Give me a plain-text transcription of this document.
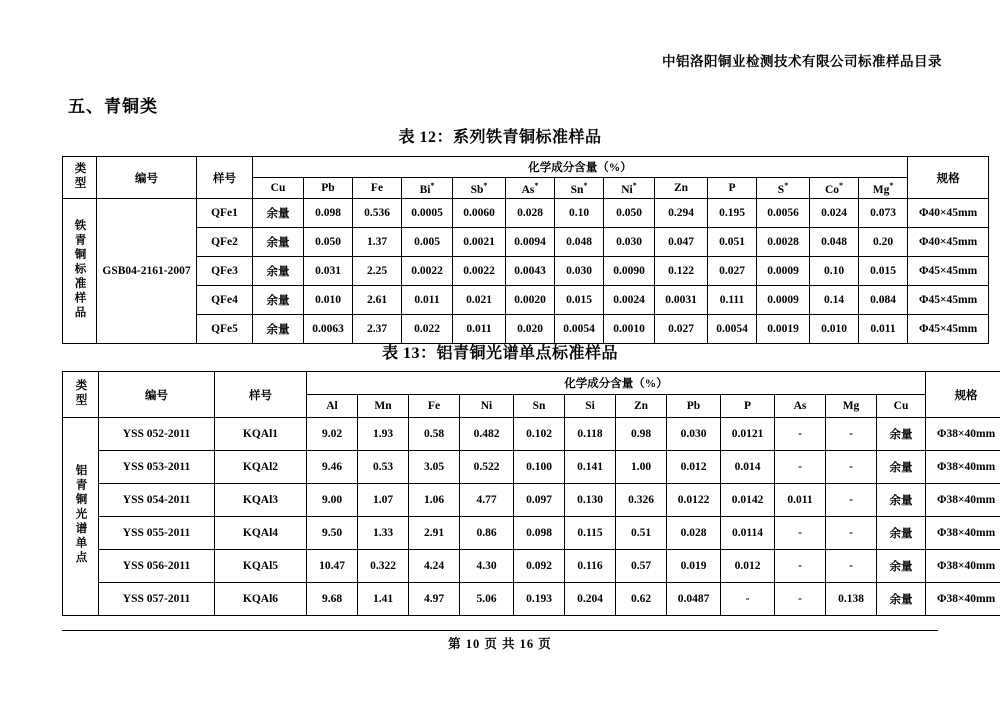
中铝洛阳铜业检测技术有限公司标准样品目录
五、青铜类
表 12：系列铁青铜标准样品
类型	编号	样号	化学成分含量（%）													规格
			Cu	Pb	Fe	Bi*	Sb*	As*	Sn*	Ni*	Zn	P	S*	Co*	Mg*
铁青铜标准样品	GSB04-2161-2007	QFe1	余量	0.098	0.536	0.0005	0.0060	0.028	0.10	0.050	0.294	0.195	0.0056	0.024	0.073	Φ40×45mm
		QFe2	余量	0.050	1.37	0.005	0.0021	0.0094	0.048	0.030	0.047	0.051	0.0028	0.048	0.20	Φ40×45mm
		QFe3	余量	0.031	2.25	0.0022	0.0022	0.0043	0.030	0.0090	0.122	0.027	0.0009	0.10	0.015	Φ45×45mm
		QFe4	余量	0.010	2.61	0.011	0.021	0.0020	0.015	0.0024	0.0031	0.111	0.0009	0.14	0.084	Φ45×45mm
		QFe5	余量	0.0063	2.37	0.022	0.011	0.020	0.0054	0.0010	0.027	0.0054	0.0019	0.010	0.011	Φ45×45mm
表 13：铝青铜光谱单点标准样品
类型	编号	样号	化学成分含量（%）												规格
			Al	Mn	Fe	Ni	Sn	Si	Zn	Pb	P	As	Mg	Cu	
铝青铜光谱单点	YSS 052-2011	KQAl1	9.02	1.93	0.58	0.482	0.102	0.118	0.98	0.030	0.0121	-	-	余量	Φ38×40mm
	YSS 053-2011	KQAl2	9.46	0.53	3.05	0.522	0.100	0.141	1.00	0.012	0.014	-	-	余量	Φ38×40mm
	YSS 054-2011	KQAl3	9.00	1.07	1.06	4.77	0.097	0.130	0.326	0.0122	0.0142	0.011	-	余量	Φ38×40mm
	YSS 055-2011	KQAl4	9.50	1.33	2.91	0.86	0.098	0.115	0.51	0.028	0.0114	-	-	余量	Φ38×40mm
	YSS 056-2011	KQAl5	10.47	0.322	4.24	4.30	0.092	0.116	0.57	0.019	0.012	-	-	余量	Φ38×40mm
	YSS 057-2011	KQAl6	9.68	1.41	4.97	5.06	0.193	0.204	0.62	0.0487	-	-	0.138	余量	Φ38×40mm
第 10 页 共 16 页
